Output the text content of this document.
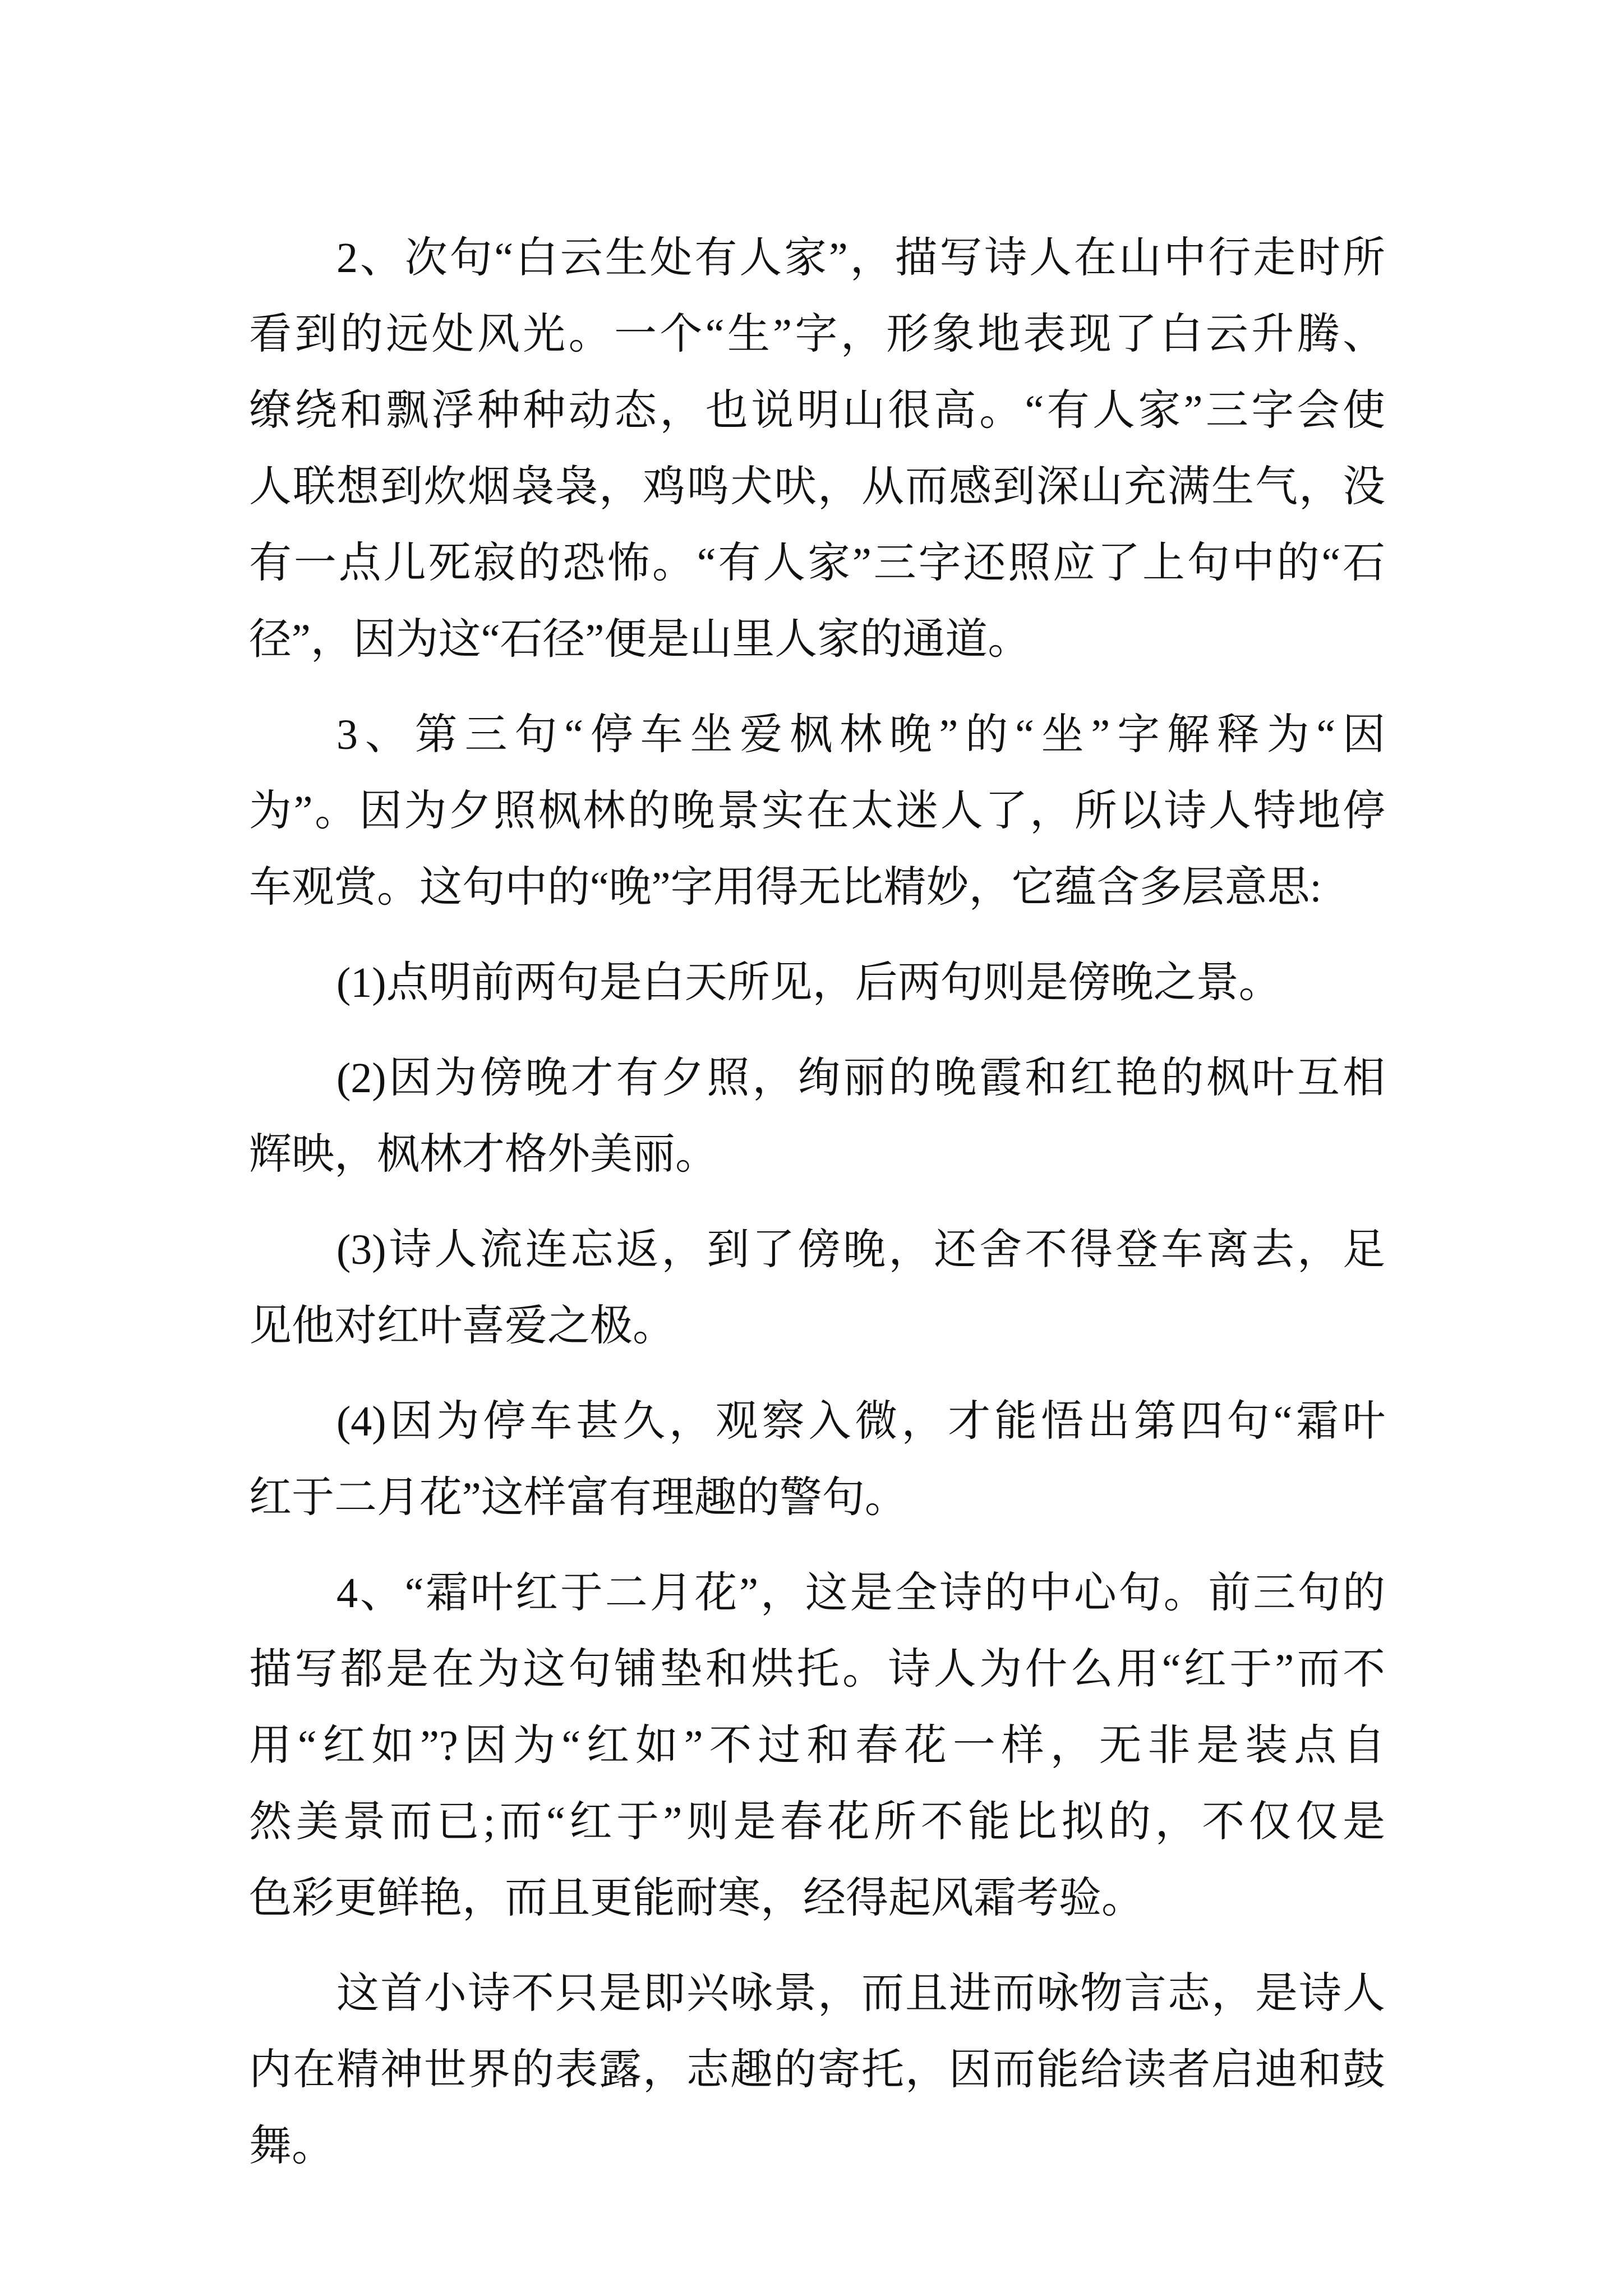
2、次句“白云生处有人家”，描写诗人在山中行走时所
看到的远处风光。一个“生”字，形象地表现了白云升腾、
缭绕和飘浮种种动态，也说明山很高。“有人家”三字会使
人联想到炊烟袅袅，鸡鸣犬吠，从而感到深山充满生气，没
有一点儿死寂的恐怖。“有人家”三字还照应了上句中的“石
径”，因为这“石径”便是山里人家的通道。
3、第三句“停车坐爱枫林晚”的“坐”字解释为“因
为”。因为夕照枫林的晚景实在太迷人了，所以诗人特地停
车观赏。这句中的“晚”字用得无比精妙，它蕴含多层意思:
(1)点明前两句是白天所见，后两句则是傍晚之景。
(2)因为傍晚才有夕照，绚丽的晚霞和红艳的枫叶互相
辉映，枫林才格外美丽。
(3)诗人流连忘返，到了傍晚，还舍不得登车离去，足
见他对红叶喜爱之极。
(4)因为停车甚久，观察入微，才能悟出第四句“霜叶
红于二月花”这样富有理趣的警句。
4、“霜叶红于二月花”，这是全诗的中心句。前三句的
描写都是在为这句铺垫和烘托。诗人为什么用“红于”而不
用“红如”?因为“红如”不过和春花一样，无非是装点自
然美景而已;而“红于”则是春花所不能比拟的，不仅仅是
色彩更鲜艳，而且更能耐寒，经得起风霜考验。
这首小诗不只是即兴咏景，而且进而咏物言志，是诗人
内在精神世界的表露，志趣的寄托，因而能给读者启迪和鼓
舞。
